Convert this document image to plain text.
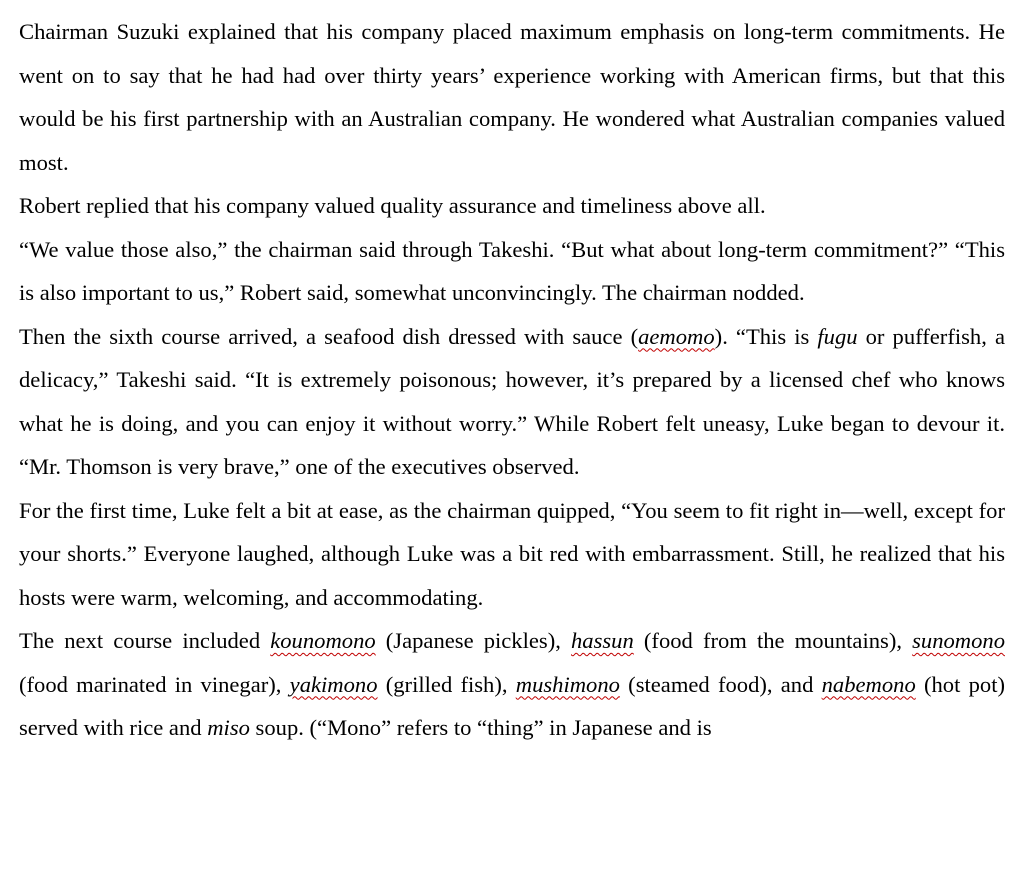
Chairman Suzuki explained that his company placed maximum emphasis on long-term commitments. He went on to say that he had had over thirty years’ experience working with American firms, but that this would be his first partnership with an Australian company. He wondered what Australian companies valued most.

Robert replied that his company valued quality assurance and timeliness above all.

“We value those also,” the chairman said through Takeshi. “But what about long-term commitment?” “This is also important to us,” Robert said, somewhat unconvincingly. The chairman nodded.

Then the sixth course arrived, a seafood dish dressed with sauce (aemomo). “This is fugu or pufferfish, a delicacy,” Takeshi said. “It is extremely poisonous; however, it’s prepared by a licensed chef who knows what he is doing, and you can enjoy it without worry.” While Robert felt uneasy, Luke began to devour it. “Mr. Thomson is very brave,” one of the executives observed.

For the first time, Luke felt a bit at ease, as the chairman quipped, “You seem to fit right in—well, except for your shorts.” Everyone laughed, although Luke was a bit red with embarrassment. Still, he realized that his hosts were warm, welcoming, and accommodating.

The next course included kounomono (Japanese pickles), hassun (food from the mountains), sunomono (food marinated in vinegar), yakimono (grilled fish), mushimono (steamed food), and nabemono (hot pot) served with rice and miso soup. (“Mono” refers to “thing” in Japanese and is
